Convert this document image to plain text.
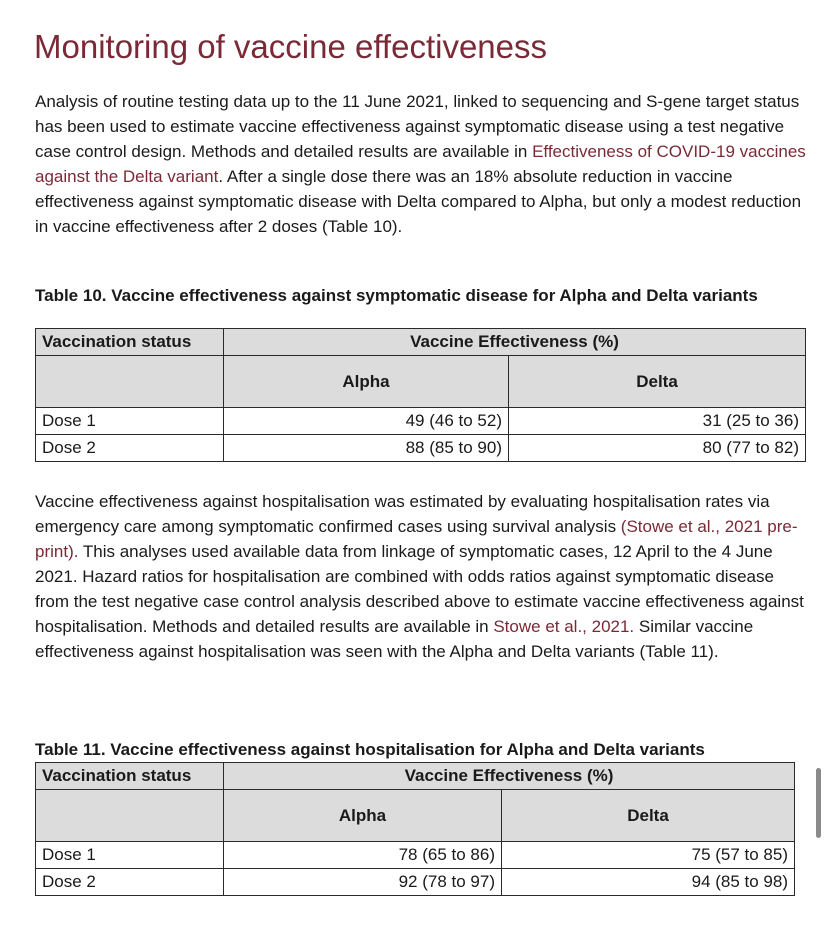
Monitoring of vaccine effectiveness

Analysis of routine testing data up to the 11 June 2021, linked to sequencing and S-gene target status has been used to estimate vaccine effectiveness against symptomatic disease using a test negative case control design. Methods and detailed results are available in Effectiveness of COVID-19 vaccines against the Delta variant. After a single dose there was an 18% absolute reduction in vaccine effectiveness against symptomatic disease with Delta compared to Alpha, but only a modest reduction in vaccine effectiveness after 2 doses (Table 10).

Table 10. Vaccine effectiveness against symptomatic disease for Alpha and Delta variants

Vaccination status	Vaccine Effectiveness (%)	
	Alpha	Delta
Dose 1	49 (46 to 52)	31 (25 to 36)
Dose 2	88 (85 to 90)	80 (77 to 82)

Vaccine effectiveness against hospitalisation was estimated by evaluating hospitalisation rates via emergency care among symptomatic confirmed cases using survival analysis (Stowe et al., 2021 pre-print). This analyses used available data from linkage of symptomatic cases, 12 April to the 4 June 2021. Hazard ratios for hospitalisation are combined with odds ratios against symptomatic disease from the test negative case control analysis described above to estimate vaccine effectiveness against hospitalisation. Methods and detailed results are available in Stowe et al., 2021. Similar vaccine effectiveness against hospitalisation was seen with the Alpha and Delta variants (Table 11).

Table 11. Vaccine effectiveness against hospitalisation for Alpha and Delta variants

Vaccination status	Vaccine Effectiveness (%)	
	Alpha	Delta
Dose 1	78 (65 to 86)	75 (57 to 85)
Dose 2	92 (78 to 97)	94 (85 to 98)
